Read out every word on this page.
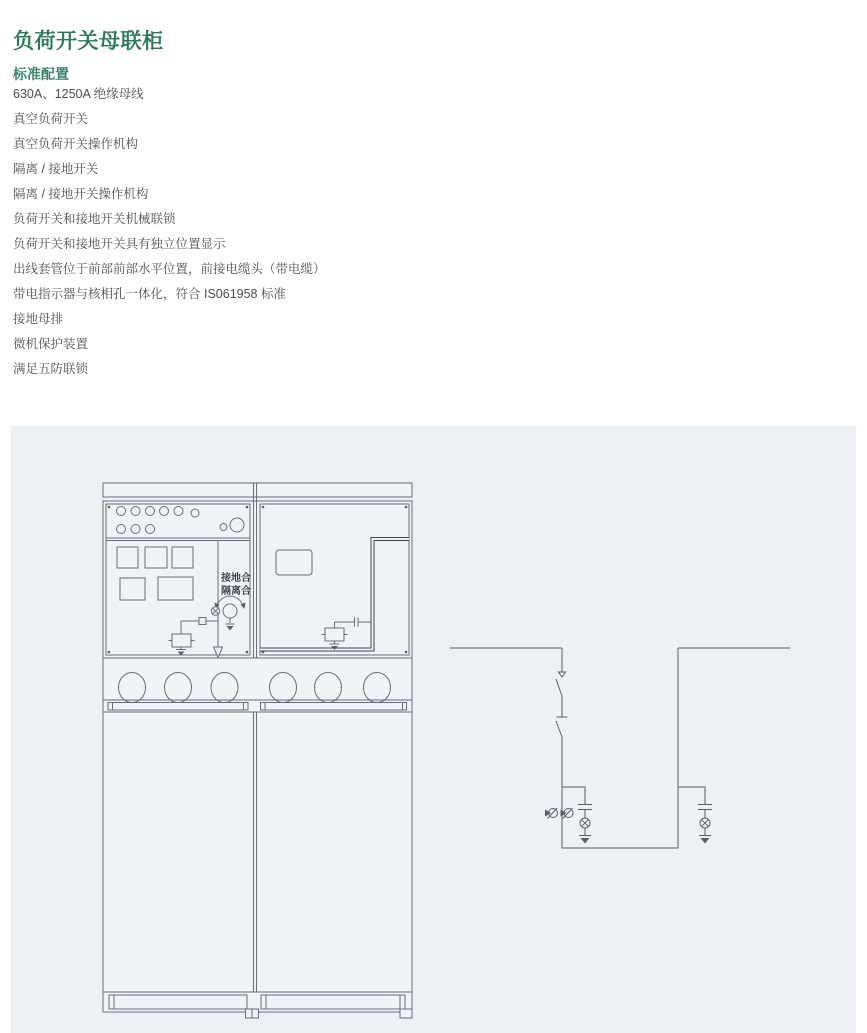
负荷开关母联柜
标准配置
630A、1250A 绝缘母线
真空负荷开关
真空负荷开关操作机构
隔离 / 接地开关
隔离 / 接地开关操作机构
负荷开关和接地开关机械联锁
负荷开关和接地开关具有独立位置显示
出线套管位于前部前部水平位置，前接电缆头（带电缆）
带电指示器与核相孔一体化，符合 IS061958 标准
接地母排
微机保护装置
满足五防联锁
接地合
隔离合
